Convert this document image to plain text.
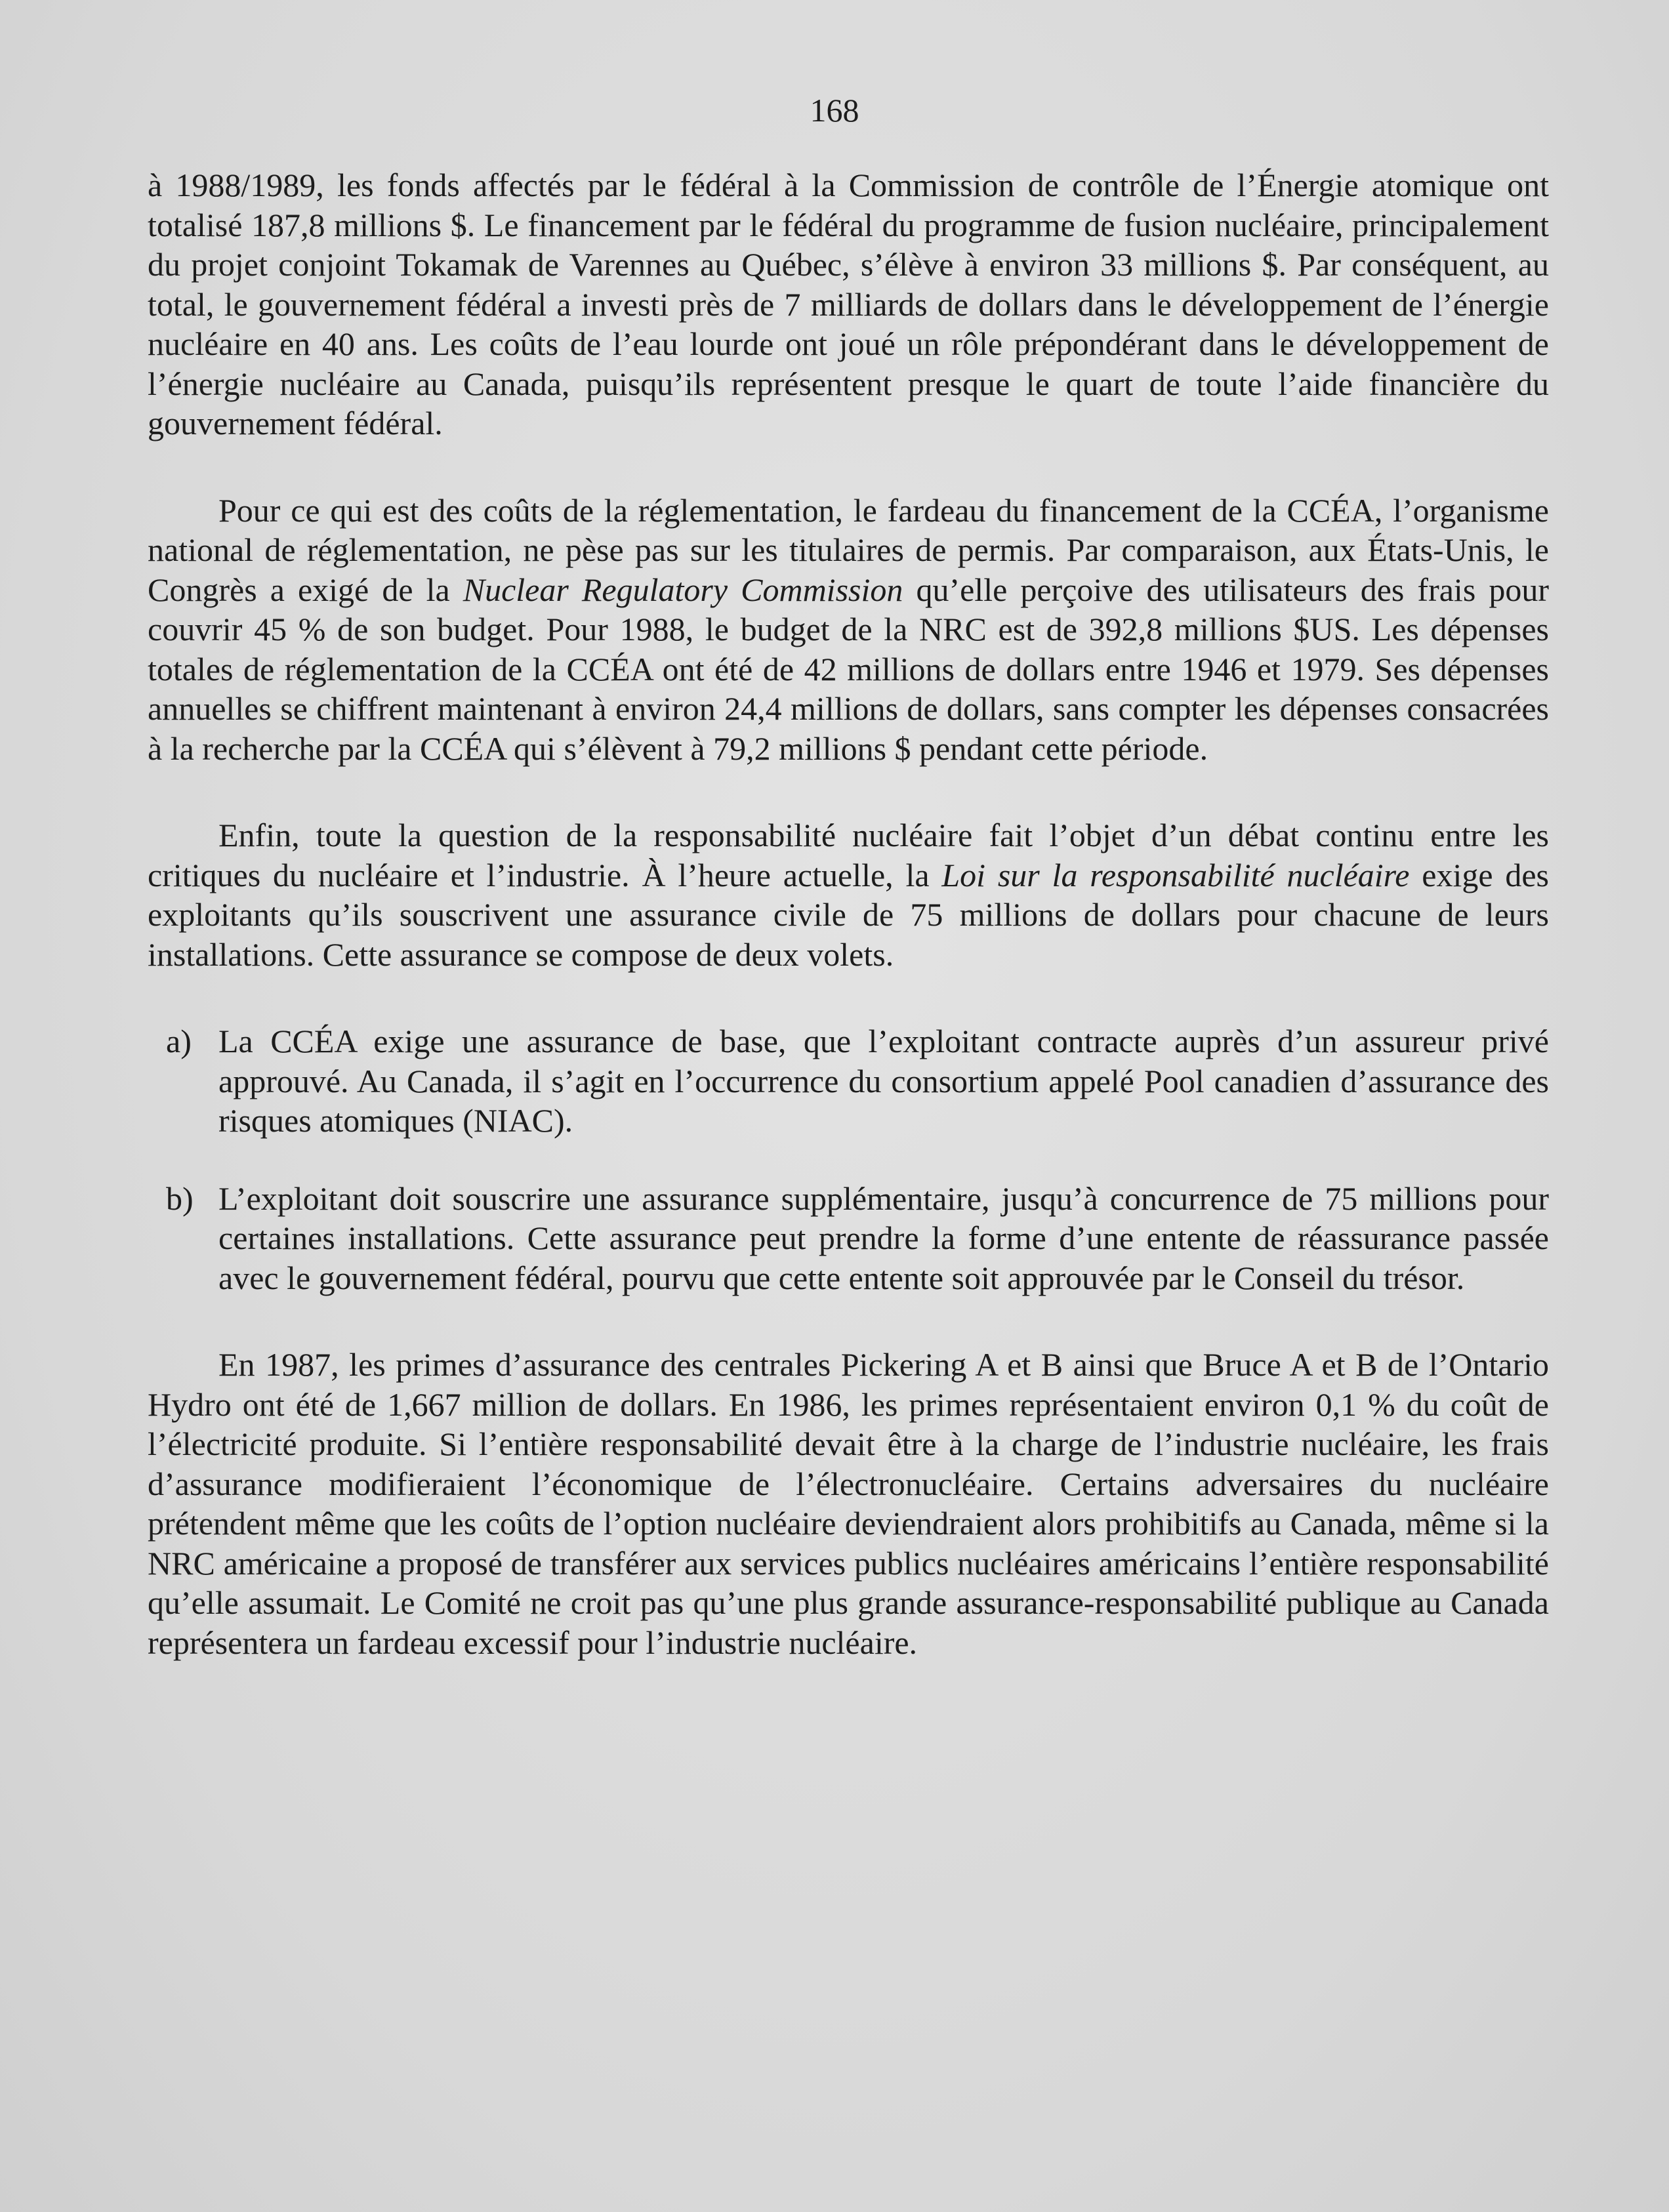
168

à 1988/1989, les fonds affectés par le fédéral à la Commission de contrôle de l’Énergie atomique ont totalisé 187,8 millions $. Le financement par le fédéral du programme de fusion nucléaire, principalement du projet conjoint Tokamak de Varennes au Québec, s’élève à environ 33 millions $. Par conséquent, au total, le gouvernement fédéral a investi près de 7 milliards de dollars dans le développement de l’énergie nucléaire en 40 ans. Les coûts de l’eau lourde ont joué un rôle prépondérant dans le développement de l’énergie nucléaire au Canada, puisqu’ils représentent presque le quart de toute l’aide financière du gouvernement fédéral.

Pour ce qui est des coûts de la réglementation, le fardeau du financement de la CCÉA, l’organisme national de réglementation, ne pèse pas sur les titulaires de permis. Par comparaison, aux États-Unis, le Congrès a exigé de la Nuclear Regulatory Commission qu’elle perçoive des utilisateurs des frais pour couvrir 45 % de son budget. Pour 1988, le budget de la NRC est de 392,8 millions $US. Les dépenses totales de réglementation de la CCÉA ont été de 42 millions de dollars entre 1946 et 1979. Ses dépenses annuelles se chiffrent maintenant à environ 24,4 millions de dollars, sans compter les dépenses consacrées à la recherche par la CCÉA qui s’élèvent à 79,2 millions $ pendant cette période.

Enfin, toute la question de la responsabilité nucléaire fait l’objet d’un débat continu entre les critiques du nucléaire et l’industrie. À l’heure actuelle, la Loi sur la responsabilité nucléaire exige des exploitants qu’ils souscrivent une assurance civile de 75 millions de dollars pour chacune de leurs installations. Cette assurance se compose de deux volets.

a) La CCÉA exige une assurance de base, que l’exploitant contracte auprès d’un assureur privé approuvé. Au Canada, il s’agit en l’occurrence du consortium appelé Pool canadien d’assurance des risques atomiques (NIAC).
b) L’exploitant doit souscrire une assurance supplémentaire, jusqu’à concurrence de 75 millions pour certaines installations. Cette assurance peut prendre la forme d’une entente de réassurance passée avec le gouvernement fédéral, pourvu que cette entente soit approuvée par le Conseil du trésor.

En 1987, les primes d’assurance des centrales Pickering A et B ainsi que Bruce A et B de l’Ontario Hydro ont été de 1,667 million de dollars. En 1986, les primes représentaient environ 0,1 % du coût de l’électricité produite. Si l’entière responsabilité devait être à la charge de l’industrie nucléaire, les frais d’assurance modifieraient l’économique de l’électronucléaire. Certains adversaires du nucléaire prétendent même que les coûts de l’option nucléaire deviendraient alors prohibitifs au Canada, même si la NRC américaine a proposé de transférer aux services publics nucléaires américains l’entière responsabilité qu’elle assumait. Le Comité ne croit pas qu’une plus grande assurance-responsabilité publique au Canada représentera un fardeau excessif pour l’industrie nucléaire.
